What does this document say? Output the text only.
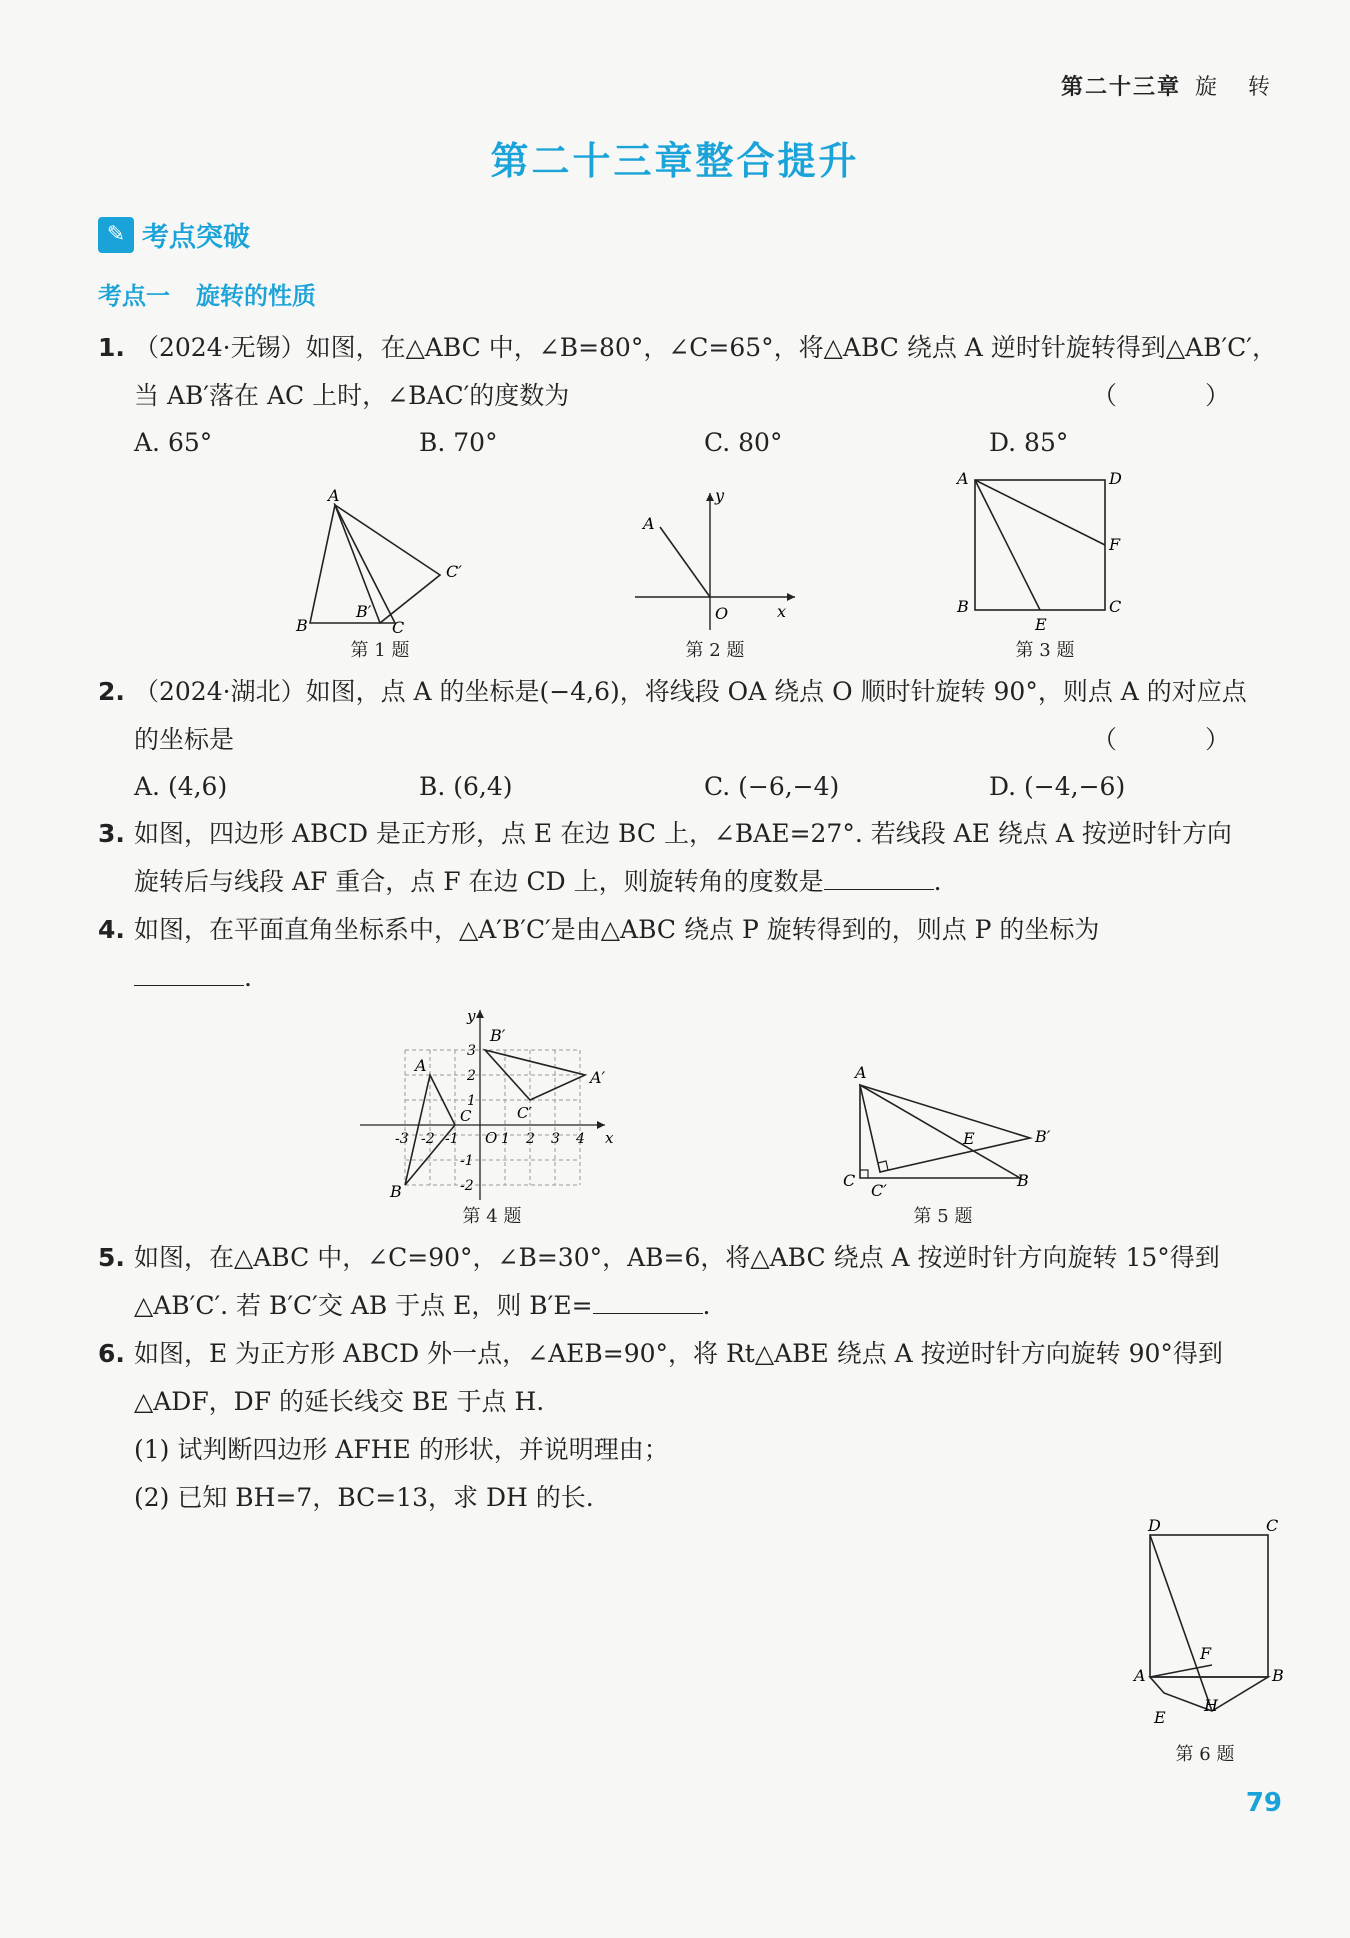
第二十三章 旋 转
第二十三章整合提升
✎ 考点突破
考点一 旋转的性质
1. （2024·无锡）如图，在△ABC 中，∠B=80°，∠C=65°，将△ABC 绕点 A 逆时针旋转得到△AB′C′，
当 AB′落在 AC 上时，∠BAC′的度数为	（ ）
A. 65°	B. 70°	C. 80°	D. 85°
A
B	C
B′
C′
第 1 题
A
y
O	x
第 2 题
A	D
F
B
E
C
第 3 题
2. （2024·湖北）如图，点 A 的坐标是(−4,6)，将线段 OA 绕点 O 顺时针旋转 90°，则点 A 的对应点
的坐标是	（ ）
A. (4,6)	B. (6,4)	C. (−6,−4)	D. (−4,−6)
3. 如图，四边形 ABCD 是正方形，点 E 在边 BC 上，∠BAE=27°. 若线段 AE 绕点 A 按逆时针方向
旋转后与线段 AF 重合，点 F 在边 CD 上，则旋转角的度数是	.
4. 如图，在平面直角坐标系中，△A′B′C′是由△ABC 绕点 P 旋转得到的，则点 P 的坐标为
.
y
B′
A
A′
C	C′
B
O	x
3
2
1
-1
-2
-3 -2 -1	1 2 3 4
第 4 题
A
E	B′
C
C′
B
第 5 题
5. 如图，在△ABC 中，∠C=90°，∠B=30°，AB=6，将△ABC 绕点 A 按逆时针方向旋转 15°得到
△AB′C′. 若 B′C′交 AB 于点 E，则 B′E=	.
6. 如图，E 为正方形 ABCD 外一点，∠AEB=90°，将 Rt△ABE 绕点 A 按逆时针方向旋转 90°得到
△ADF，DF 的延长线交 BE 于点 H.
(1) 试判断四边形 AFHE 的形状，并说明理由；
(2) 已知 BH=7，BC=13，求 DH 的长.
D	C
F
A	B
H
E
第 6 题
79
